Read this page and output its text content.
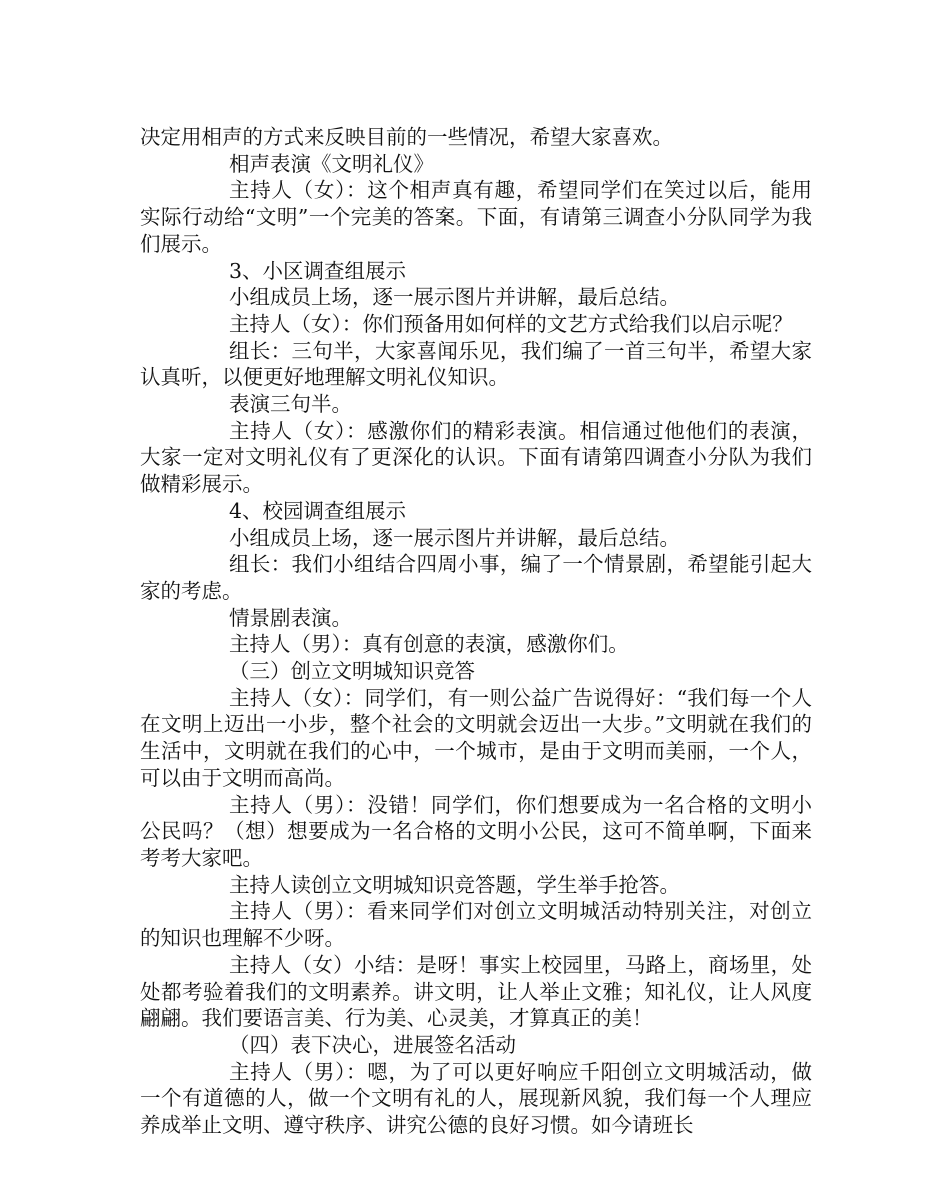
决定用相声的方式来反映目前的一些情况，希望大家喜欢。

相声表演《文明礼仪》

主持人（女）：这个相声真有趣，希望同学们在笑过以后，能用实际行动给“文明”一个完美的答案。下面，有请第三调查小分队同学为我们展示。

3、小区调查组展示

小组成员上场，逐一展示图片并讲解，最后总结。

主持人（女）：你们预备用如何样的文艺方式给我们以启示呢？

组长：三句半，大家喜闻乐见，我们编了一首三句半，希望大家认真听，以便更好地理解文明礼仪知识。

表演三句半。

主持人（女）：感激你们的精彩表演。相信通过他他们的表演，大家一定对文明礼仪有了更深化的认识。下面有请第四调查小分队为我们做精彩展示。

4、校园调查组展示

小组成员上场，逐一展示图片并讲解，最后总结。

组长：我们小组结合四周小事，编了一个情景剧，希望能引起大家的考虑。

情景剧表演。

主持人（男）：真有创意的表演，感激你们。

（三）创立文明城知识竞答

主持人（女）：同学们，有一则公益广告说得好：“我们每一个人在文明上迈出一小步，整个社会的文明就会迈出一大步。”文明就在我们的生活中，文明就在我们的心中，一个城市，是由于文明而美丽，一个人，可以由于文明而高尚。

主持人（男）：没错！同学们，你们想要成为一名合格的文明小公民吗？（想）想要成为一名合格的文明小公民，这可不简单啊，下面来考考大家吧。

主持人读创立文明城知识竞答题，学生举手抢答。

主持人（男）：看来同学们对创立文明城活动特别关注，对创立的知识也理解不少呀。

主持人（女）小结：是呀！事实上校园里，马路上，商场里，处处都考验着我们的文明素养。讲文明，让人举止文雅；知礼仪，让人风度翩翩。我们要语言美、行为美、心灵美，才算真正的美！

（四）表下决心，进展签名活动

主持人（男）：嗯，为了可以更好响应千阳创立文明城活动，做一个有道德的人，做一个文明有礼的人，展现新风貌，我们每一个人理应养成举止文明、遵守秩序、讲究公德的良好习惯。如今请班长
